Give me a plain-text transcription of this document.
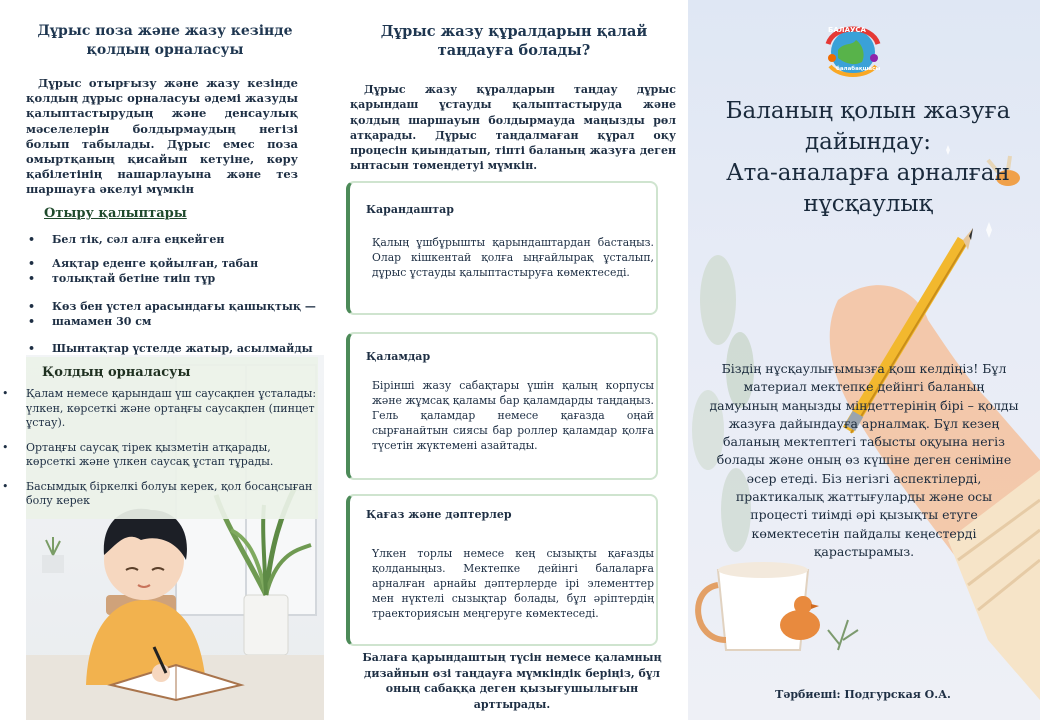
Дұрыс поза және жазу кезінде қолдың орналасуы

Дұрыс отырғызу және жазу кезінде қолдың дұрыс орналасуы әдемі жазуды қалыптастырудың және денсаулық мәселелерін болдырмаудың негізі болып табылады. Дұрыс емес поза омыртқаның қисайып кетуіне, көру қабілетінің нашарлауына және тез шаршауға әкелуі мүмкін

Отыру қалыптары
• Бел тік, сәл алға еңкейген
• Аяқтар еденге қойылған, табан
• толықтай бетіне тиіп тұр
• Көз бен үстел арасындағы қашықтық —
• шамамен 30 см
• Шынтақтар үстелде жатыр, асылмайды
Қолдың орналасуы
• Қалам немесе қарындаш үш саусақпен ұсталады: үлкен, көрсеткі және ортаңғы саусақпен (пинцет ұстау).
• Ортаңғы саусақ тірек қызметін атқарады, көрсеткі және үлкен саусақ ұстап тұрады.
• Басымдық біркелкі болуы керек, қол босаңсыған болу керек
Дұрыс жазу құралдарын қалай таңдауға болады?

Дұрыс жазу құралдарын таңдау дұрыс қарындаш ұстауды қалыптастыруда және қолдың шаршауын болдырмауда маңызды рөл атқарады. Дұрыс таңдалмаған құрал оқу процесін қиындатып, тіпті баланың жазуға деген ынтасын төмендетуі мүмкін.

Карандаштар

Қалың ұшбұрышты қарындаштардан бастаңыз. Олар кішкентай қолға ыңғайлырақ ұсталып, дұрыс ұстауды қалыптастыруға көмектеседі.

Қаламдар

Бірінші жазу сабақтары үшін қалың корпусы және жұмсақ қаламы бар қаламдарды таңдаңыз. Гель қаламдар немесе қағазда оңай сырғанайтын сиясы бар роллер қаламдар қолға түсетін жүктемені азайтады.

Қағаз және дәптерлер

Үлкен торлы немесе кең сызықты қағазды қолданыңыз. Мектепке дейінгі балаларға арналған арнайы дәптерлерде ірі элементтер мен нүктелі сызықтар болады, бұл әріптердің траекториясын меңгеруге көмектеседі.

Балаға қарындаштың түсін немесе қаламның дизайнын өзі таңдауға мүмкіндік беріңіз, бұл оның сабаққа деген қызығушылығын арттырады.
БАЛАУСА
балабақшасы
Баланың қолын жазуға
дайындау:
Ата-аналарға арналған
нұсқаулық

Біздің нұсқаулығымызға қош келдіңіз! Бұл материал мектепке дейінгі баланың дамуының маңызды міндеттерінің бірі – қолды жазуға дайындауға арналмақ. Бұл кезең баланың мектептегі табысты оқуына негіз болады және оның өз күшіне деген сеніміне әсер етеді. Біз негізгі аспектілерді, практикалық жаттығуларды және осы процесті тиімді әрі қызықты етуге көмектесетін пайдалы кеңестерді қарастырамыз.

Тәрбиеші: Подгурская О.А.
